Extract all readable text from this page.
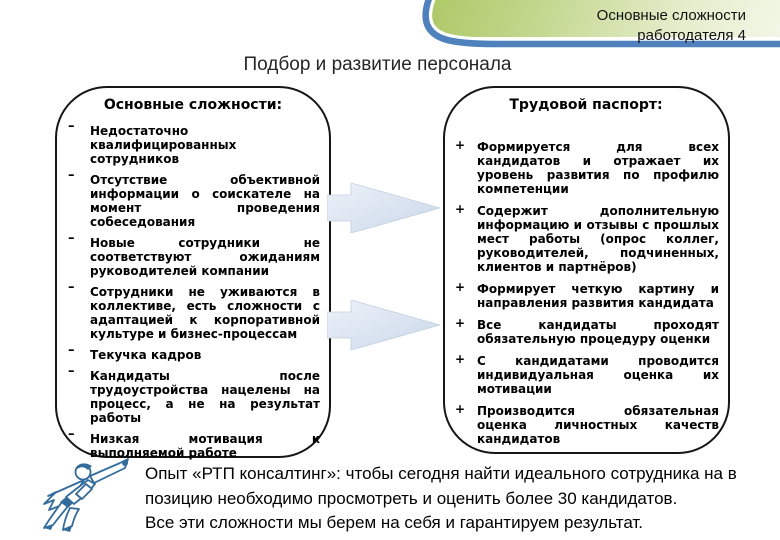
Основные сложности
работодателя 4
Подбор и развитие персонала
Основные сложности:
– Недостаточно квалифицированных сотрудников
– Отсутствие объективной информации о соискателе на момент проведения собеседования
– Новые сотрудники не соответствуют ожиданиям руководителей компании
– Сотрудники не уживаются в коллективе, есть сложности с адаптацией к корпоративной культуре и бизнес-процессам
– Текучка кадров
– Кандидаты после трудоустройства нацелены на процесс, а не на результат работы
– Низкая мотивация к выполняемой работе
Трудовой паспорт:
+ Формируется для всех кандидатов и отражает их уровень развития по профилю компетенции
+ Содержит дополнительную информацию и отзывы с прошлых мест работы (опрос коллег, руководителей, подчиненных, клиентов и партнёров)
+ Формирует четкую картину и направления развития кандидата
+ Все кандидаты проходят обязательную процедуру оценки
+ С кандидатами проводится индивидуальная оценка их мотивации
+ Производится обязательная оценка личностных качеств кандидатов
Опыт «РТП консалтинг»: чтобы сегодня найти идеального сотрудника на в
позицию необходимо просмотреть и оценить более 30 кандидатов.
Все эти сложности мы берем на себя и гарантируем результат.
